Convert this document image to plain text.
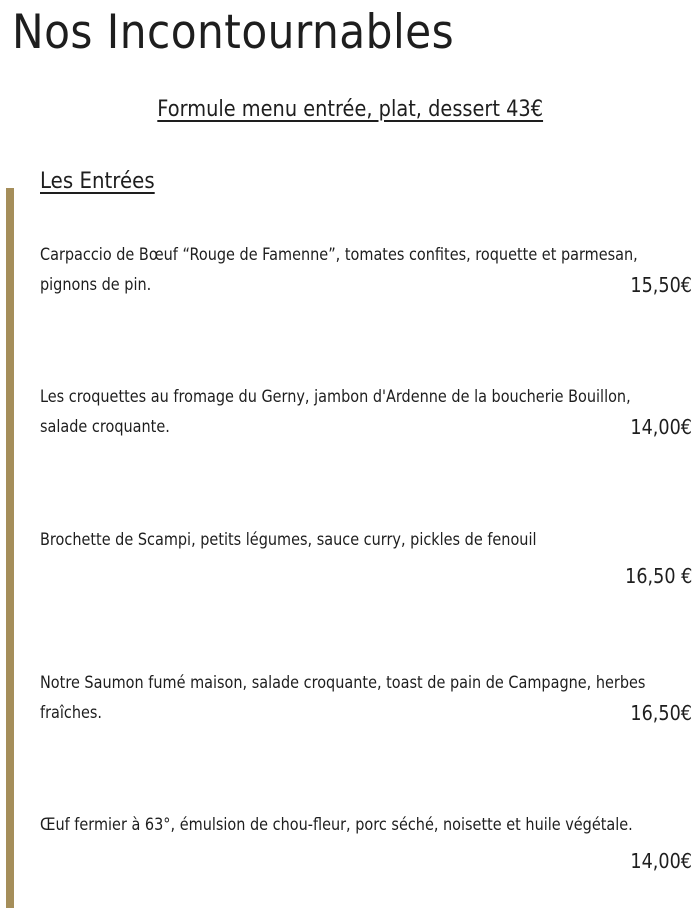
Nos Incontournables
Formule menu entrée, plat, dessert 43€
Les Entrées
Carpaccio de Bœuf “Rouge de Famenne”, tomates confites, roquette et parmesan, pignons de pin.	15,50€
Les croquettes au fromage du Gerny, jambon d'Ardenne de la boucherie Bouillon, salade croquante.	14,00€
Brochette de Scampi, petits légumes, sauce curry, pickles de fenouil
16,50 €
Notre Saumon fumé maison, salade croquante, toast de pain de Campagne, herbes fraîches.	16,50€
Œuf fermier à 63°, émulsion de chou-fleur, porc séché, noisette et huile végétale.
14,00€
